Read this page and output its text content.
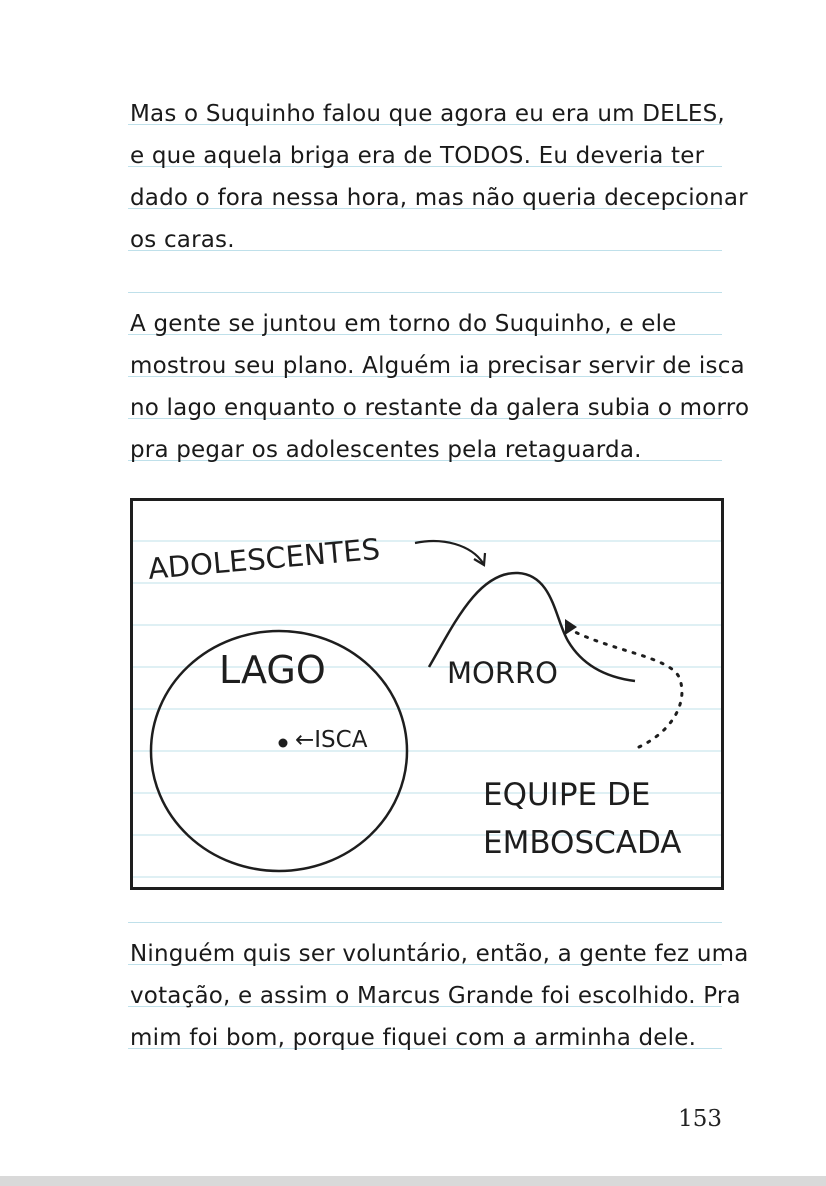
Mas o Suquinho falou que agora eu era um DELES,
e que aquela briga era de TODOS. Eu deveria ter
dado o fora nessa hora, mas não queria decepcionar
os caras.
A gente se juntou em torno do Suquinho, e ele
mostrou seu plano. Alguém ia precisar servir de isca
no lago enquanto o restante da galera subia o morro
pra pegar os adolescentes pela retaguarda.
ADOLESCENTES
LAGO	MORRO
←ISCA
EQUIPE DE
EMBOSCADA
Ninguém quis ser voluntário, então, a gente fez uma
votação, e assim o Marcus Grande foi escolhido. Pra
mim foi bom, porque fiquei com a arminha dele.
153
